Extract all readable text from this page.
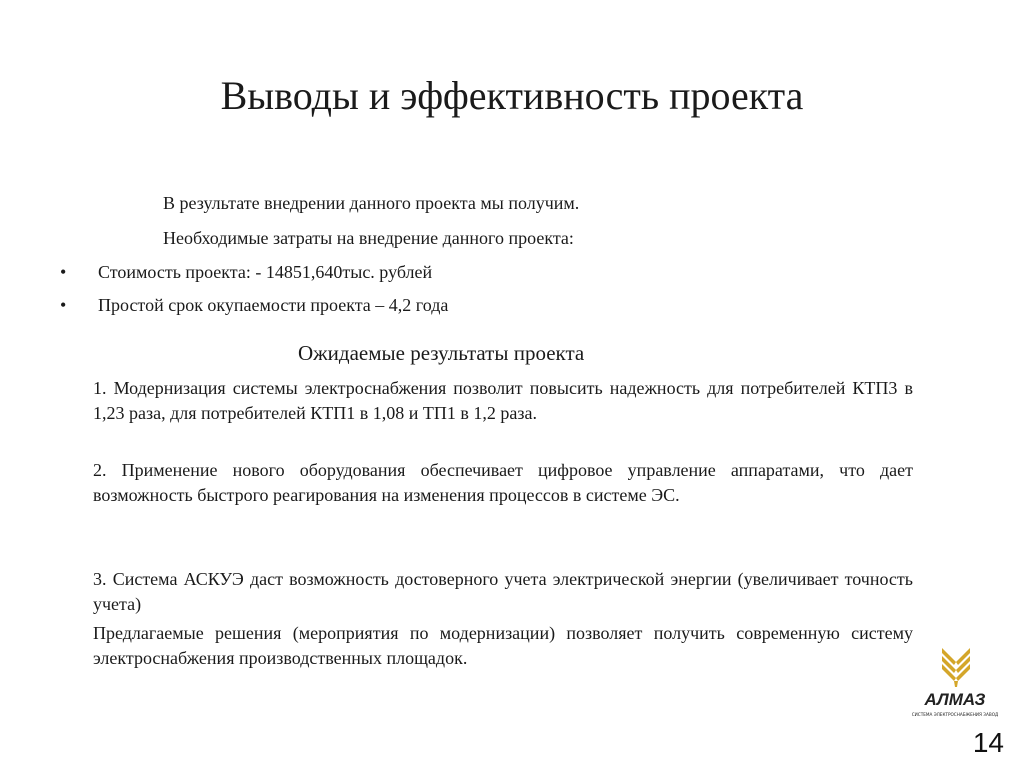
Выводы и эффективность проекта
В результате внедрении данного проекта мы получим.
Необходимые затраты на внедрение данного проекта:
• Стоимость проекта: - 14851,640тыс. рублей
• Простой срок окупаемости проекта – 4,2 года
Ожидаемые результаты проекта
1. Модернизация системы электроснабжения позволит повысить надежность для потребителей КТП3 в 1,23 раза, для потребителей КТП1 в 1,08 и ТП1 в 1,2 раза.
2. Применение нового оборудования обеспечивает цифровое управление аппаратами, что дает возможность быстрого реагирования на изменения процессов в системе ЭС.
3. Система АСКУЭ даст возможность достоверного учета электрической энергии (увеличивает точность учета)
Предлагаемые решения (мероприятия по модернизации) позволяет получить современную систему электроснабжения производственных площадок.
АЛМАЗ
СИСТЕМА ЭЛЕКТРОСНАБЖЕНИЯ ЗАВОД
14
